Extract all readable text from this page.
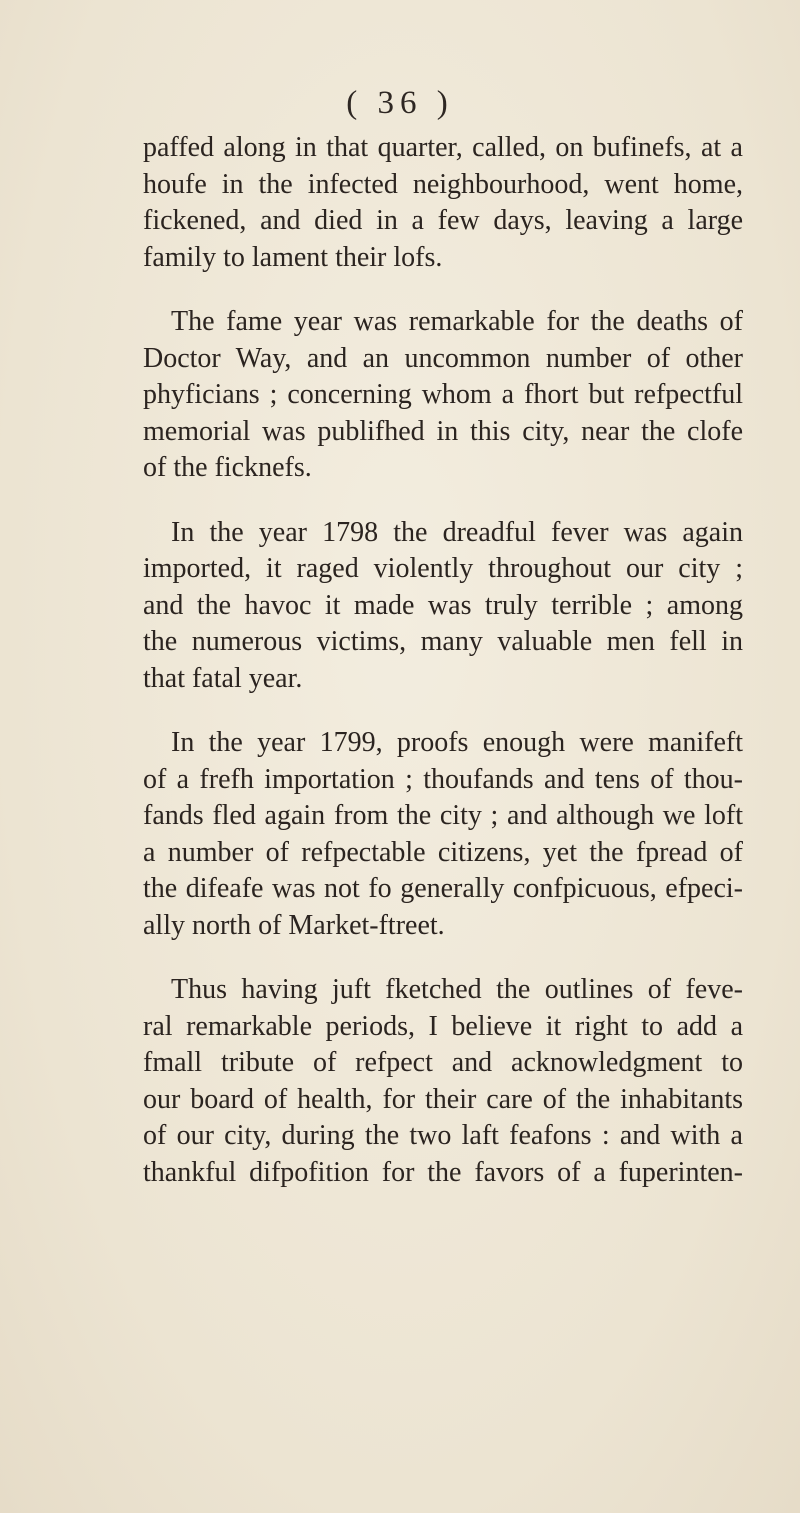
( 36 )
paffed along in that quarter, called, on bufinefs, at a
houfe in the infected neighbourhood, went home,
fickened, and died in a few days, leaving a large
family to lament their lofs.
The fame year was remarkable for the deaths of
Doctor Way, and an uncommon number of other
phyficians ; concerning whom a fhort but refpectful
memorial was publifhed in this city, near the clofe
of the ficknefs.
In the year 1798 the dreadful fever was again
imported, it raged violently throughout our city ;
and the havoc it made was truly terrible ; among
the numerous victims, many valuable men fell in
that fatal year.
In the year 1799, proofs enough were manifeft
of a frefh importation ; thoufands and tens of thou-
fands fled again from the city ; and although we loft
a number of refpectable citizens, yet the fpread of
the difeafe was not fo generally confpicuous, efpeci-
ally north of Market-ftreet.
Thus having juft fketched the outlines of feve-
ral remarkable periods, I believe it right to add a
fmall tribute of refpect and acknowledgment to
our board of health, for their care of the inhabitants
of our city, during the two laft feafons : and with a
thankful difpofition for the favors of a fuperinten-
